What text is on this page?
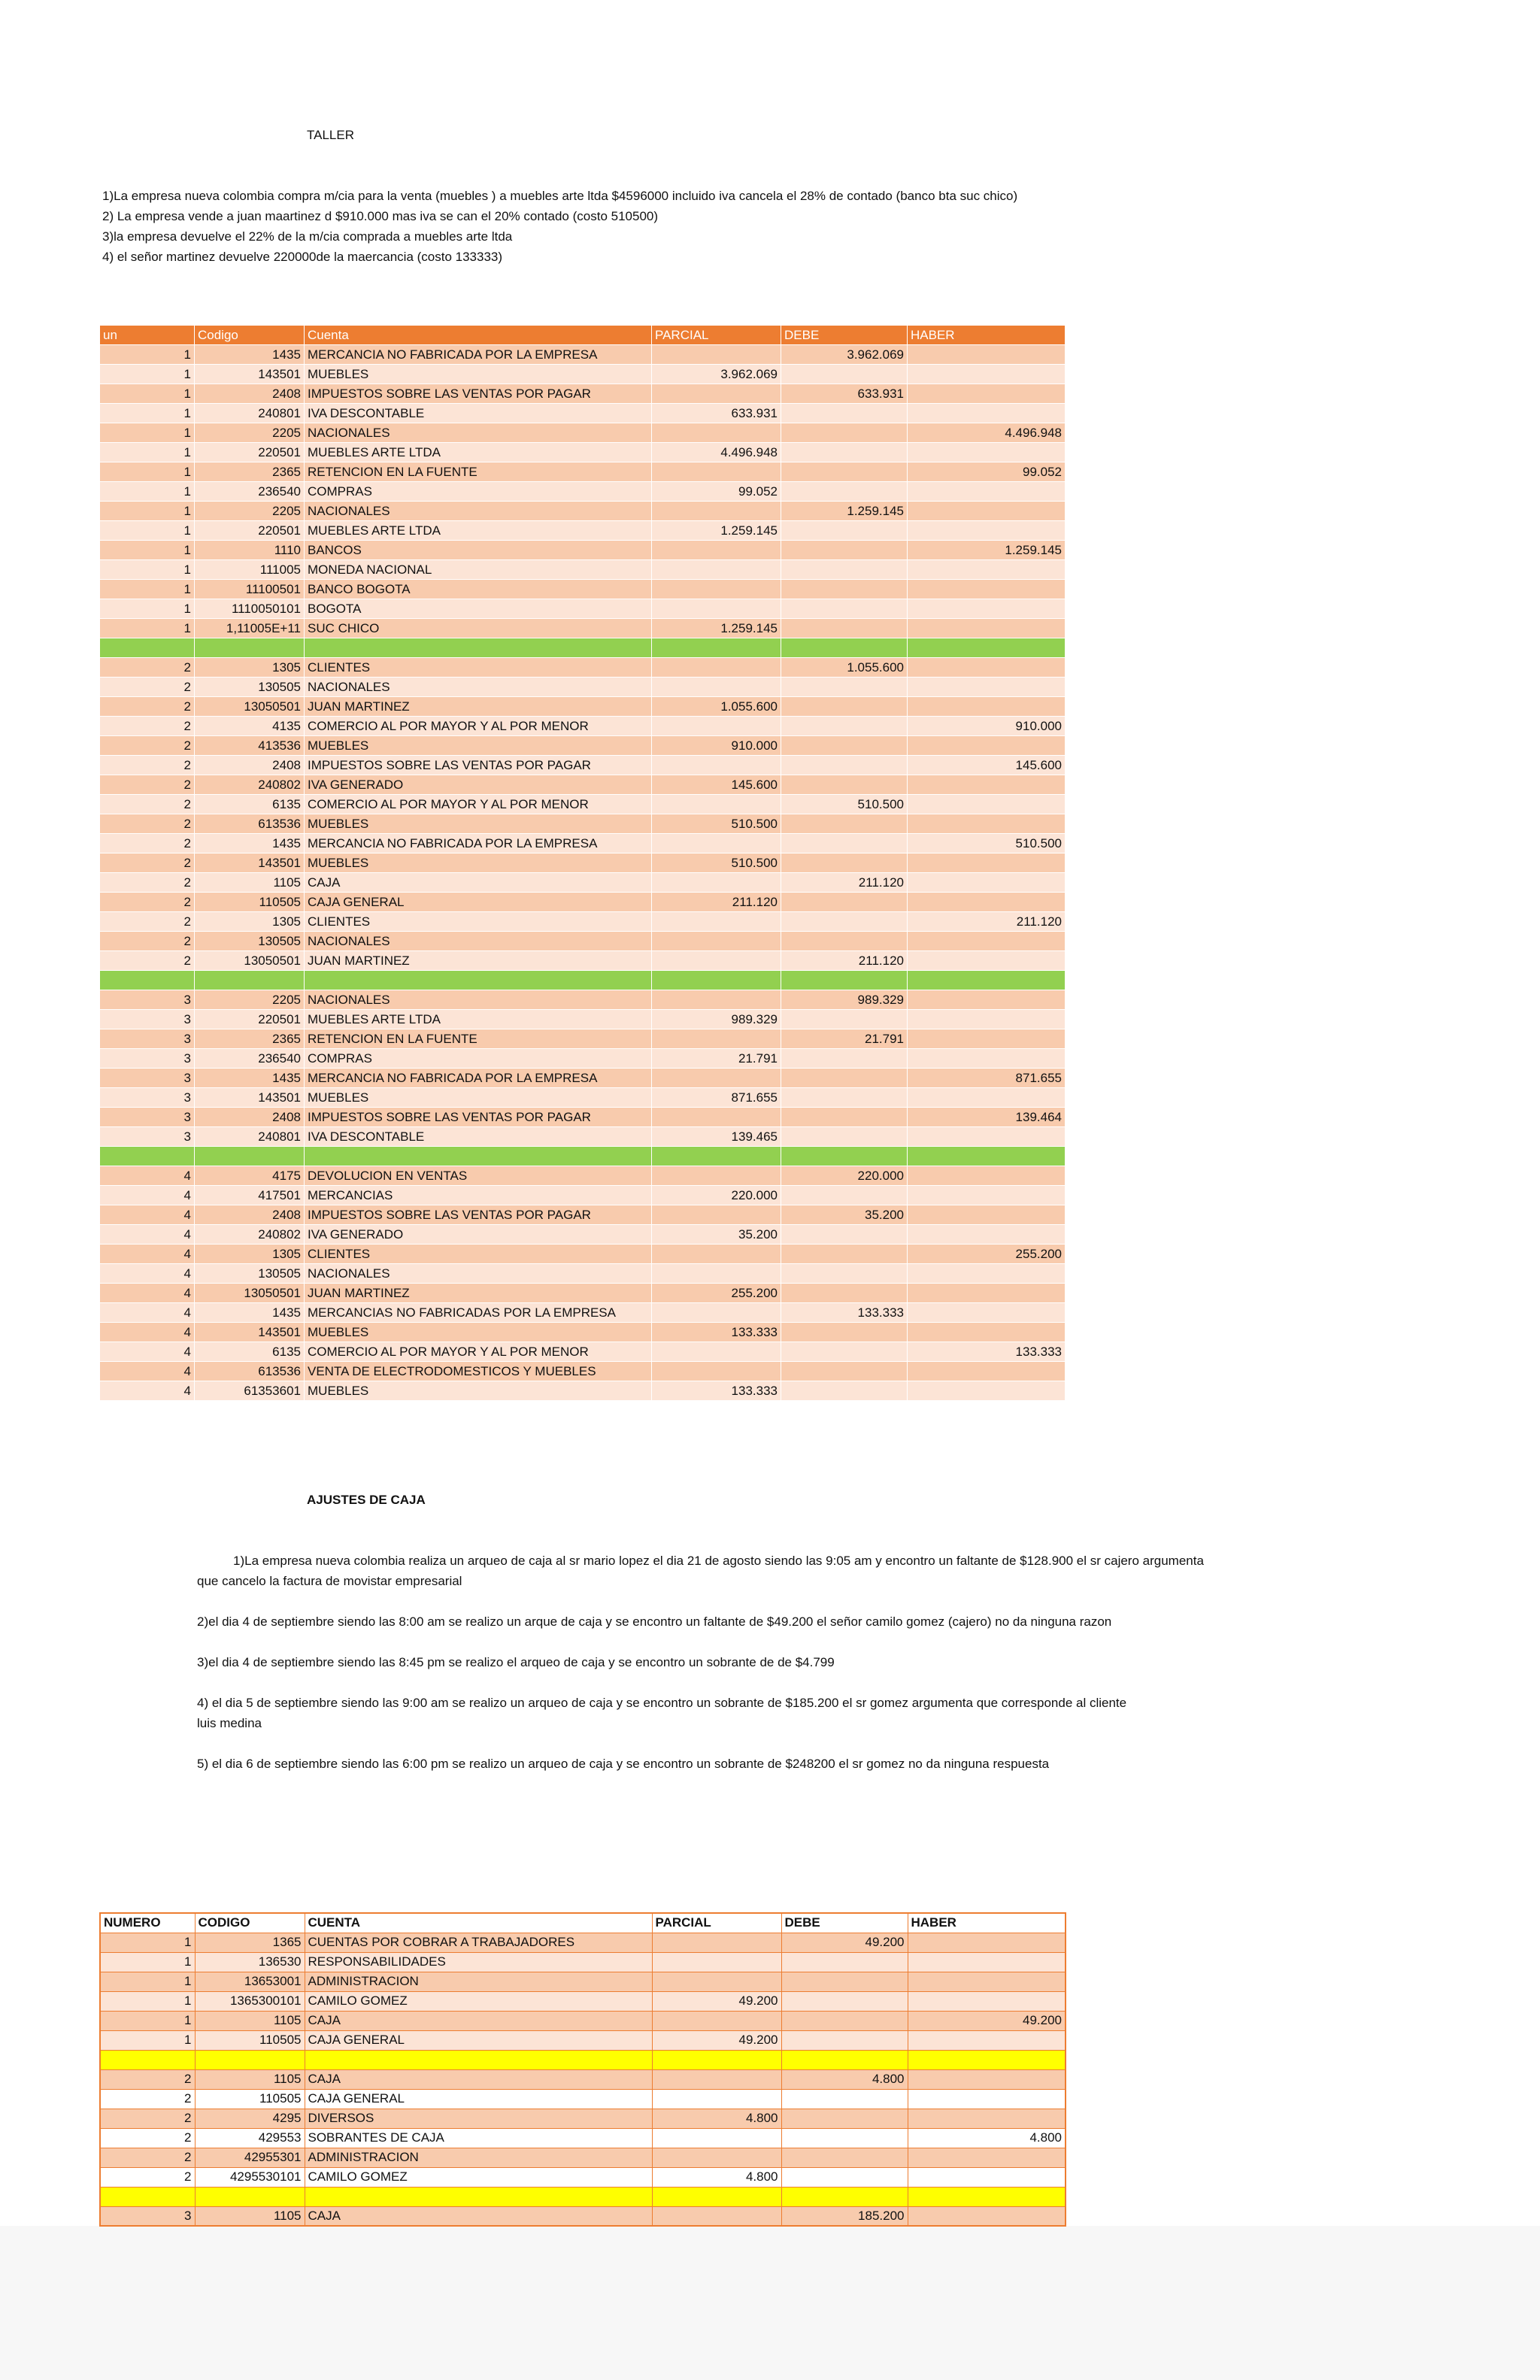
TALLER
1)La empresa nueva colombia compra m/cia para la venta (muebles ) a muebles arte ltda $4596000 incluido iva cancela el 28% de contado (banco bta suc chico)
2) La empresa vende a juan maartinez d $910.000 mas iva se can el 20% contado (costo 510500)
3)la empresa devuelve el 22% de la m/cia comprada a muebles arte ltda
4) el señor martinez devuelve 220000de la maercancia (costo 133333)
un	Codigo	Cuenta	PARCIAL	DEBE	HABER
1	1435	MERCANCIA NO FABRICADA POR LA EMPRESA		3.962.069	
1	143501	MUEBLES	3.962.069		
1	2408	IMPUESTOS SOBRE LAS VENTAS POR PAGAR		633.931	
1	240801	IVA DESCONTABLE	633.931		
1	2205	NACIONALES			4.496.948
1	220501	MUEBLES ARTE LTDA	4.496.948		
1	2365	RETENCION EN LA FUENTE			99.052
1	236540	COMPRAS	99.052		
1	2205	NACIONALES		1.259.145	
1	220501	MUEBLES ARTE LTDA	1.259.145		
1	1110	BANCOS			1.259.145
1	111005	MONEDA NACIONAL			
1	11100501	BANCO BOGOTA			
1	1110050101	BOGOTA			
1	1,11005E+11	SUC CHICO	1.259.145		

2	1305	CLIENTES		1.055.600	
2	130505	NACIONALES			
2	13050501	JUAN MARTINEZ	1.055.600		
2	4135	COMERCIO AL POR MAYOR Y AL POR MENOR			910.000
2	413536	MUEBLES	910.000		
2	2408	IMPUESTOS SOBRE LAS VENTAS POR PAGAR			145.600
2	240802	IVA GENERADO	145.600		
2	6135	COMERCIO AL POR MAYOR Y AL POR MENOR		510.500	
2	613536	MUEBLES	510.500		
2	1435	MERCANCIA NO FABRICADA POR LA EMPRESA			510.500
2	143501	MUEBLES	510.500		
2	1105	CAJA		211.120	
2	110505	CAJA GENERAL	211.120		
2	1305	CLIENTES			211.120
2	130505	NACIONALES			
2	13050501	JUAN MARTINEZ		211.120	

3	2205	NACIONALES		989.329	
3	220501	MUEBLES ARTE LTDA	989.329		
3	2365	RETENCION EN LA FUENTE		21.791	
3	236540	COMPRAS	21.791		
3	1435	MERCANCIA NO FABRICADA POR LA EMPRESA			871.655
3	143501	MUEBLES	871.655		
3	2408	IMPUESTOS SOBRE LAS VENTAS POR PAGAR			139.464
3	240801	IVA DESCONTABLE	139.465		

4	4175	DEVOLUCION EN VENTAS		220.000	
4	417501	MERCANCIAS	220.000		
4	2408	IMPUESTOS SOBRE LAS VENTAS POR PAGAR		35.200	
4	240802	IVA GENERADO	35.200		
4	1305	CLIENTES			255.200
4	130505	NACIONALES			
4	13050501	JUAN MARTINEZ	255.200		
4	1435	MERCANCIAS NO FABRICADAS POR LA EMPRESA		133.333	
4	143501	MUEBLES	133.333		
4	6135	COMERCIO AL POR MAYOR Y AL POR MENOR			133.333
4	613536	VENTA DE ELECTRODOMESTICOS Y MUEBLES			
4	61353601	MUEBLES	133.333		
AJUSTES DE CAJA
1)La empresa nueva colombia realiza un arqueo de caja al sr mario lopez el dia 21 de agosto siendo las 9:05 am y encontro un faltante de $128.900 el sr cajero argumenta
que cancelo la factura de movistar empresarial
2)el dia 4 de septiembre siendo las 8:00 am se realizo un arque de caja y se encontro un faltante de $49.200 el señor camilo gomez (cajero) no da ninguna razon
3)el dia 4 de septiembre siendo las 8:45 pm se realizo el arqueo de caja y se encontro un sobrante de de $4.799
4) el dia 5 de septiembre siendo las 9:00 am se realizo un arqueo de caja y se encontro un sobrante de $185.200 el sr gomez argumenta que corresponde al cliente
luis medina
5) el dia 6 de septiembre siendo las 6:00 pm se realizo un arqueo de caja y se encontro un sobrante de $248200 el sr gomez no da ninguna respuesta
NUMERO	CODIGO	CUENTA	PARCIAL	DEBE	HABER
1	1365	CUENTAS POR COBRAR A TRABAJADORES		49.200	
1	136530	RESPONSABILIDADES			
1	13653001	ADMINISTRACION			
1	1365300101	CAMILO GOMEZ	49.200		
1	1105	CAJA			49.200
1	110505	CAJA GENERAL	49.200		

2	1105	CAJA		4.800	
2	110505	CAJA GENERAL			
2	4295	DIVERSOS	4.800		
2	429553	SOBRANTES DE CAJA			4.800
2	42955301	ADMINISTRACION			
2	4295530101	CAMILO GOMEZ	4.800		

3	1105	CAJA		185.200	
